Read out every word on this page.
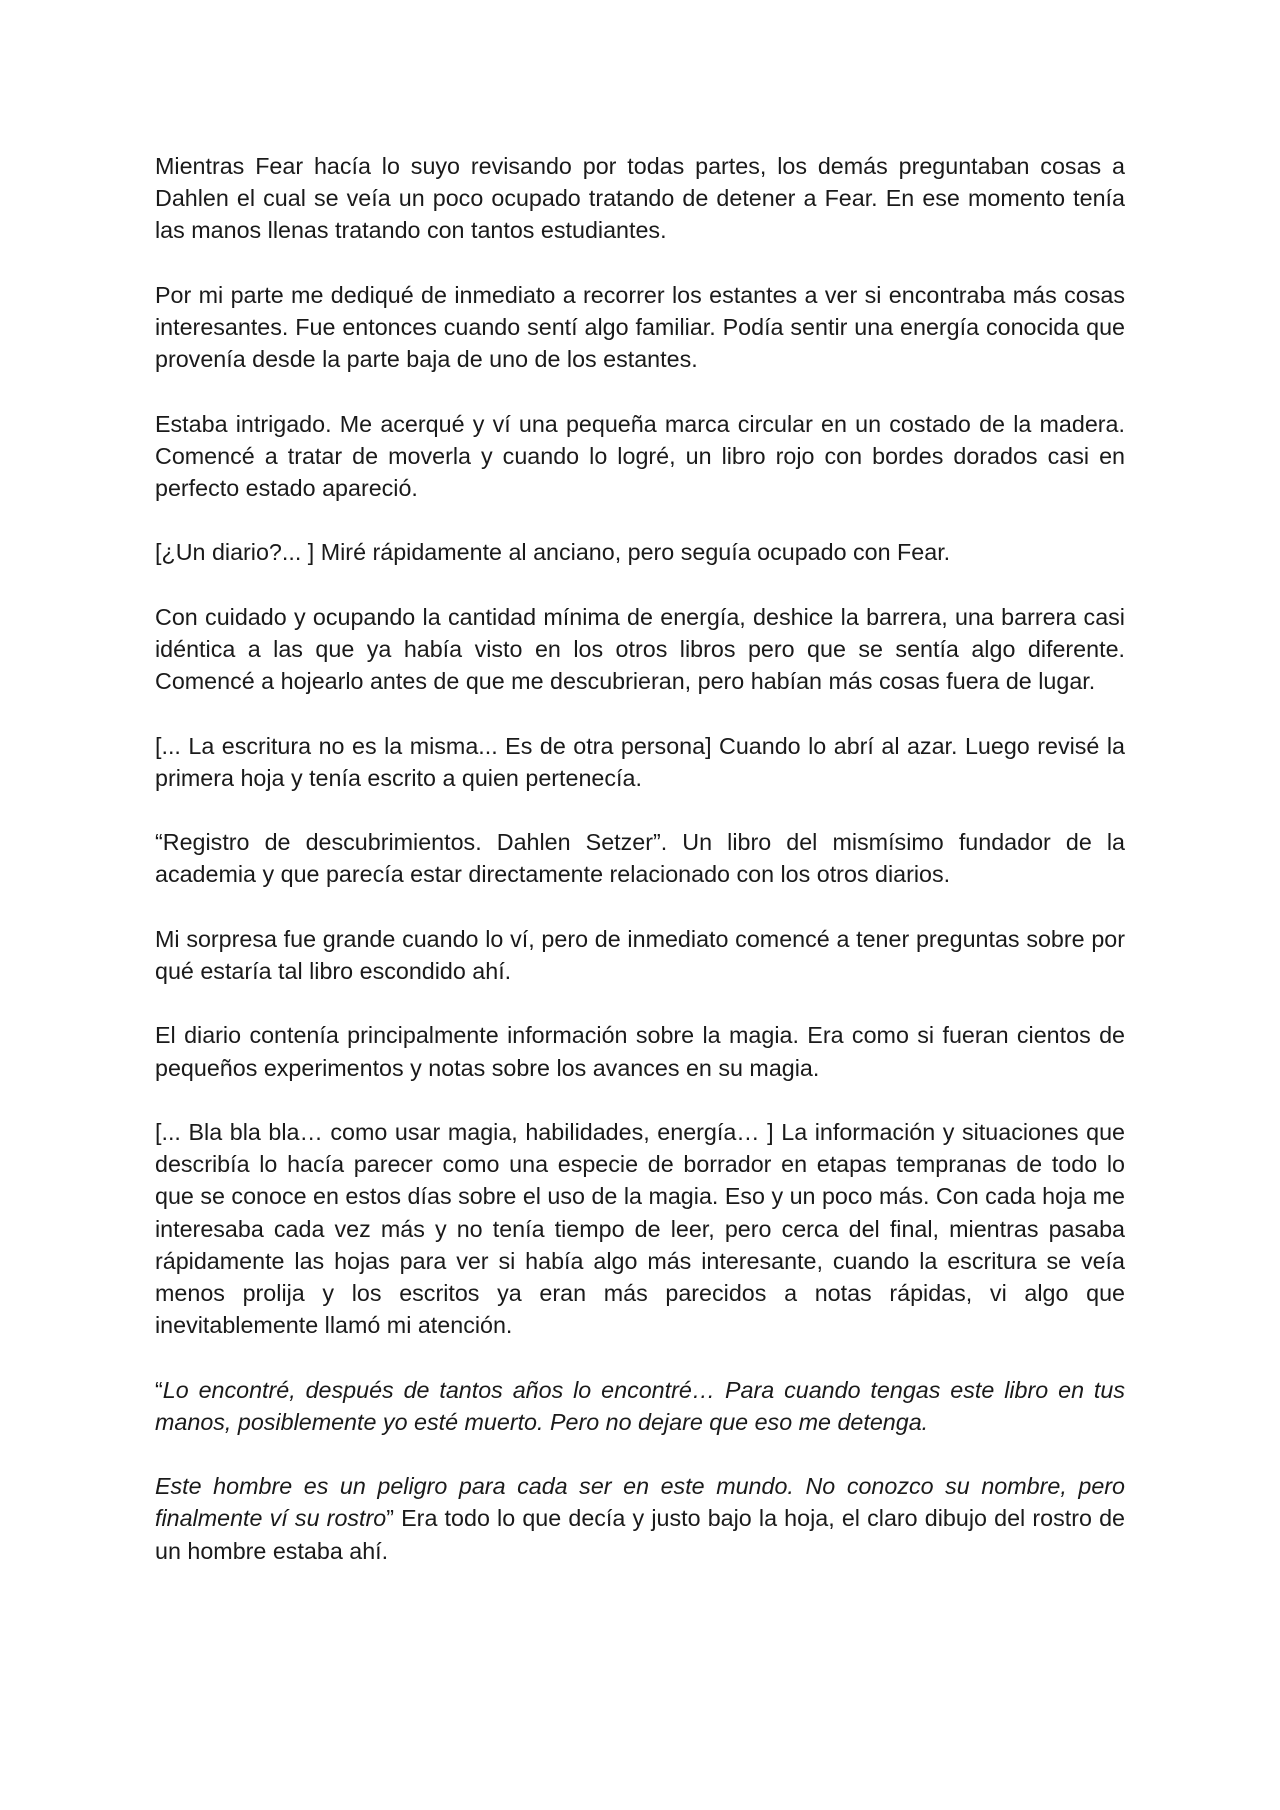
Mientras Fear hacía lo suyo revisando por todas partes, los demás preguntaban cosas a Dahlen el cual se veía un poco ocupado tratando de detener a Fear. En ese momento tenía las manos llenas tratando con tantos estudiantes.

Por mi parte me dediqué de inmediato a recorrer los estantes a ver si encontraba más cosas interesantes. Fue entonces cuando sentí algo familiar. Podía sentir una energía conocida que provenía desde la parte baja de uno de los estantes.

Estaba intrigado. Me acerqué y ví una pequeña marca circular en un costado de la madera. Comencé a tratar de moverla y cuando lo logré, un libro rojo con bordes dorados casi en perfecto estado apareció.

[¿Un diario?... ] Miré rápidamente al anciano, pero seguía ocupado con Fear.

Con cuidado y ocupando la cantidad mínima de energía, deshice la barrera, una barrera casi idéntica a las que ya había visto en los otros libros pero que se sentía algo diferente. Comencé a hojearlo antes de que me descubrieran, pero habían más cosas fuera de lugar.

[... La escritura no es la misma... Es de otra persona] Cuando lo abrí al azar. Luego revisé la primera hoja y tenía escrito a quien pertenecía.

“Registro de descubrimientos. Dahlen Setzer”. Un libro del mismísimo fundador de la academia y que parecía estar directamente relacionado con los otros diarios.

Mi sorpresa fue grande cuando lo ví, pero de inmediato comencé a tener preguntas sobre por qué estaría tal libro escondido ahí.

El diario contenía principalmente información sobre la magia. Era como si fueran cientos de pequeños experimentos y notas sobre los avances en su magia.

[... Bla bla bla… como usar magia, habilidades, energía… ] La información y situaciones que describía lo hacía parecer como una especie de borrador en etapas tempranas de todo lo que se conoce en estos días sobre el uso de la magia. Eso y un poco más. Con cada hoja me interesaba cada vez más y no tenía tiempo de leer, pero cerca del final, mientras pasaba rápidamente las hojas para ver si había algo más interesante, cuando la escritura se veía menos prolija y los escritos ya eran más parecidos a notas rápidas, vi algo que inevitablemente llamó mi atención.

“Lo encontré, después de tantos años lo encontré… Para cuando tengas este libro en tus manos, posiblemente yo esté muerto. Pero no dejare que eso me detenga.

Este hombre es un peligro para cada ser en este mundo. No conozco su nombre, pero finalmente ví su rostro” Era todo lo que decía y justo bajo la hoja, el claro dibujo del rostro de un hombre estaba ahí.
